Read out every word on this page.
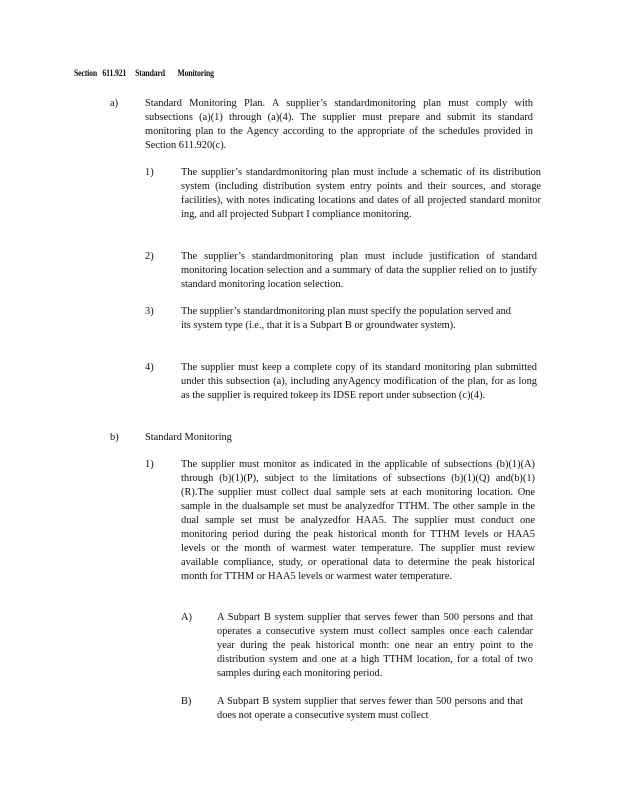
Section   611.921     Standard       Monitoring
a)	Standard Monitoring Plan. A supplier’s standardmonitoring plan must comply with subsections (a)(1) through (a)(4). The supplier must prepare and submit its standard monitoring plan to the Agency according to the appropriate of the schedules provided in Section 611.920(c).
1)	The supplier’s standardmonitoring plan must include a schematic of its distribution system (including distribution system entry points and their sources, and storage facilities), with notes indicating locations and dates of all projected standard monitor ing, and all projected Subpart I compliance monitoring.
2)	The supplier’s standardmonitoring plan must include justification of standard monitoring location selection and a summary of data the supplier relied on to justify standard monitoring location selection.
3)	The supplier’s standardmonitoring plan must specify the population served and its system type (i.e., that it is a Subpart B or groundwater system).
4)	The supplier must keep a complete copy of its standard monitoring plan submitted under this subsection (a), including anyAgency modification of the plan, for as long as the supplier is required tokeep its IDSE report under subsection (c)(4).
b)	Standard Monitoring
1)	The supplier must monitor as indicated in the applicable of subsections (b)(1)(A) through (b)(1)(P), subject to the limitations of subsections (b)(1)(Q) and(b)(1)(R).The supplier must collect dual sample sets at each monitoring location. One sample in the dualsample set must be analyzedfor TTHM. The other sample in the dual sample set must be analyzedfor HAA5. The supplier must conduct one monitoring period during the peak historical month for TTHM levels or HAA5 levels or the month of warmest water temperature. The supplier must review available compliance, study, or operational data to determine the peak historical month for TTHM or HAA5 levels or warmest water temperature.
A) A Subpart B system supplier that serves fewer than 500 persons and that operates a consecutive system must collect samples once each calendar year during the peak historical month: one near an entry point to the distribution system and one at a high TTHM location, for a total of two samples during each monitoring period.
B) A Subpart B system supplier that serves fewer than 500 persons and that does not operate a consecutive system must collect
